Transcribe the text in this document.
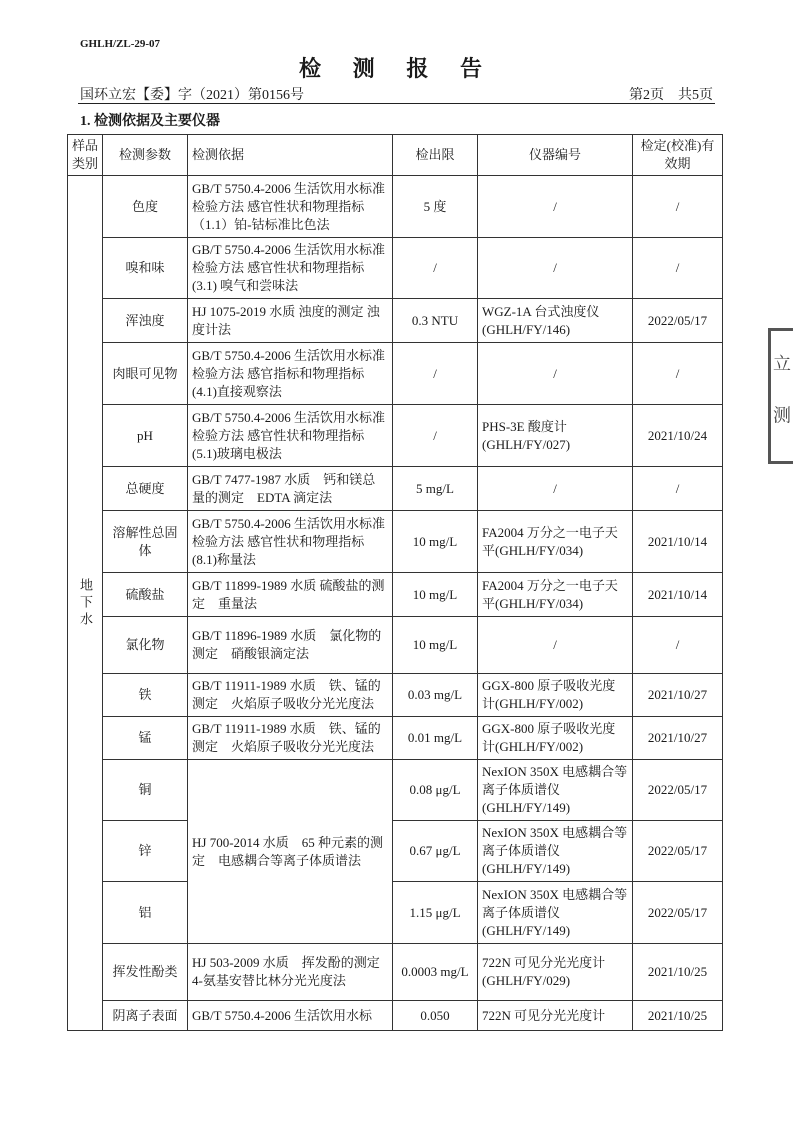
GHLH/ZL-29-07
检 测 报 告
国环立宏【委】字（2021）第0156号	第2页　共5页
1. 检测依据及主要仪器
样品类别	检测参数	检测依据	检出限	仪器编号	检定(校准)有效期
地下水	色度	GB/T 5750.4-2006 生活饮用水标准检验方法 感官性状和物理指标 （1.1）铂-钴标准比色法	5 度	/	/
	嗅和味	GB/T 5750.4-2006 生活饮用水标准检验方法 感官性状和物理指标(3.1) 嗅气和尝味法	/	/	/
	浑浊度	HJ 1075-2019 水质 浊度的测定 浊度计法	0.3 NTU	WGZ-1A 台式浊度仪(GHLH/FY/146)	2022/05/17
	肉眼可见物	GB/T 5750.4-2006 生活饮用水标准检验方法 感官指标和物理指标(4.1)直接观察法	/	/	/
	pH	GB/T 5750.4-2006 生活饮用水标准检验方法 感官性状和物理指标(5.1)玻璃电极法	/	PHS-3E 酸度计(GHLH/FY/027)	2021/10/24
	总硬度	GB/T 7477-1987 水质　钙和镁总量的测定　EDTA 滴定法	5 mg/L	/	/
	溶解性总固体	GB/T 5750.4-2006 生活饮用水标准检验方法 感官性状和物理指标 (8.1)称量法	10 mg/L	FA2004 万分之一电子天平(GHLH/FY/034)	2021/10/14
	硫酸盐	GB/T 11899-1989 水质 硫酸盐的测定　重量法	10 mg/L	FA2004 万分之一电子天平(GHLH/FY/034)	2021/10/14
	氯化物	GB/T 11896-1989 水质　氯化物的测定　硝酸银滴定法	10 mg/L	/	/
	铁	GB/T 11911-1989 水质　铁、锰的测定　火焰原子吸收分光光度法	0.03 mg/L	GGX-800 原子吸收光度计(GHLH/FY/002)	2021/10/27
	锰	GB/T 11911-1989 水质　铁、锰的测定　火焰原子吸收分光光度法	0.01 mg/L	GGX-800 原子吸收光度计(GHLH/FY/002)	2021/10/27
	铜	HJ 700-2014 水质　65 种元素的测定　电感耦合等离子体质谱法	0.08 μg/L	NexION 350X 电感耦合等离子体质谱仪(GHLH/FY/149)	2022/05/17
	锌		0.67 μg/L	NexION 350X 电感耦合等离子体质谱仪(GHLH/FY/149)	2022/05/17
	铝		1.15 μg/L	NexION 350X 电感耦合等离子体质谱仪(GHLH/FY/149)	2022/05/17
	挥发性酚类	HJ 503-2009 水质　挥发酚的测定　4-氨基安替比林分光光度法	0.0003 mg/L	722N 可见分光光度计(GHLH/FY/029)	2021/10/25
	阴离子表面	GB/T 5750.4-2006 生活饮用水标	0.050	722N 可见分光光度计	2021/10/25
立 测
